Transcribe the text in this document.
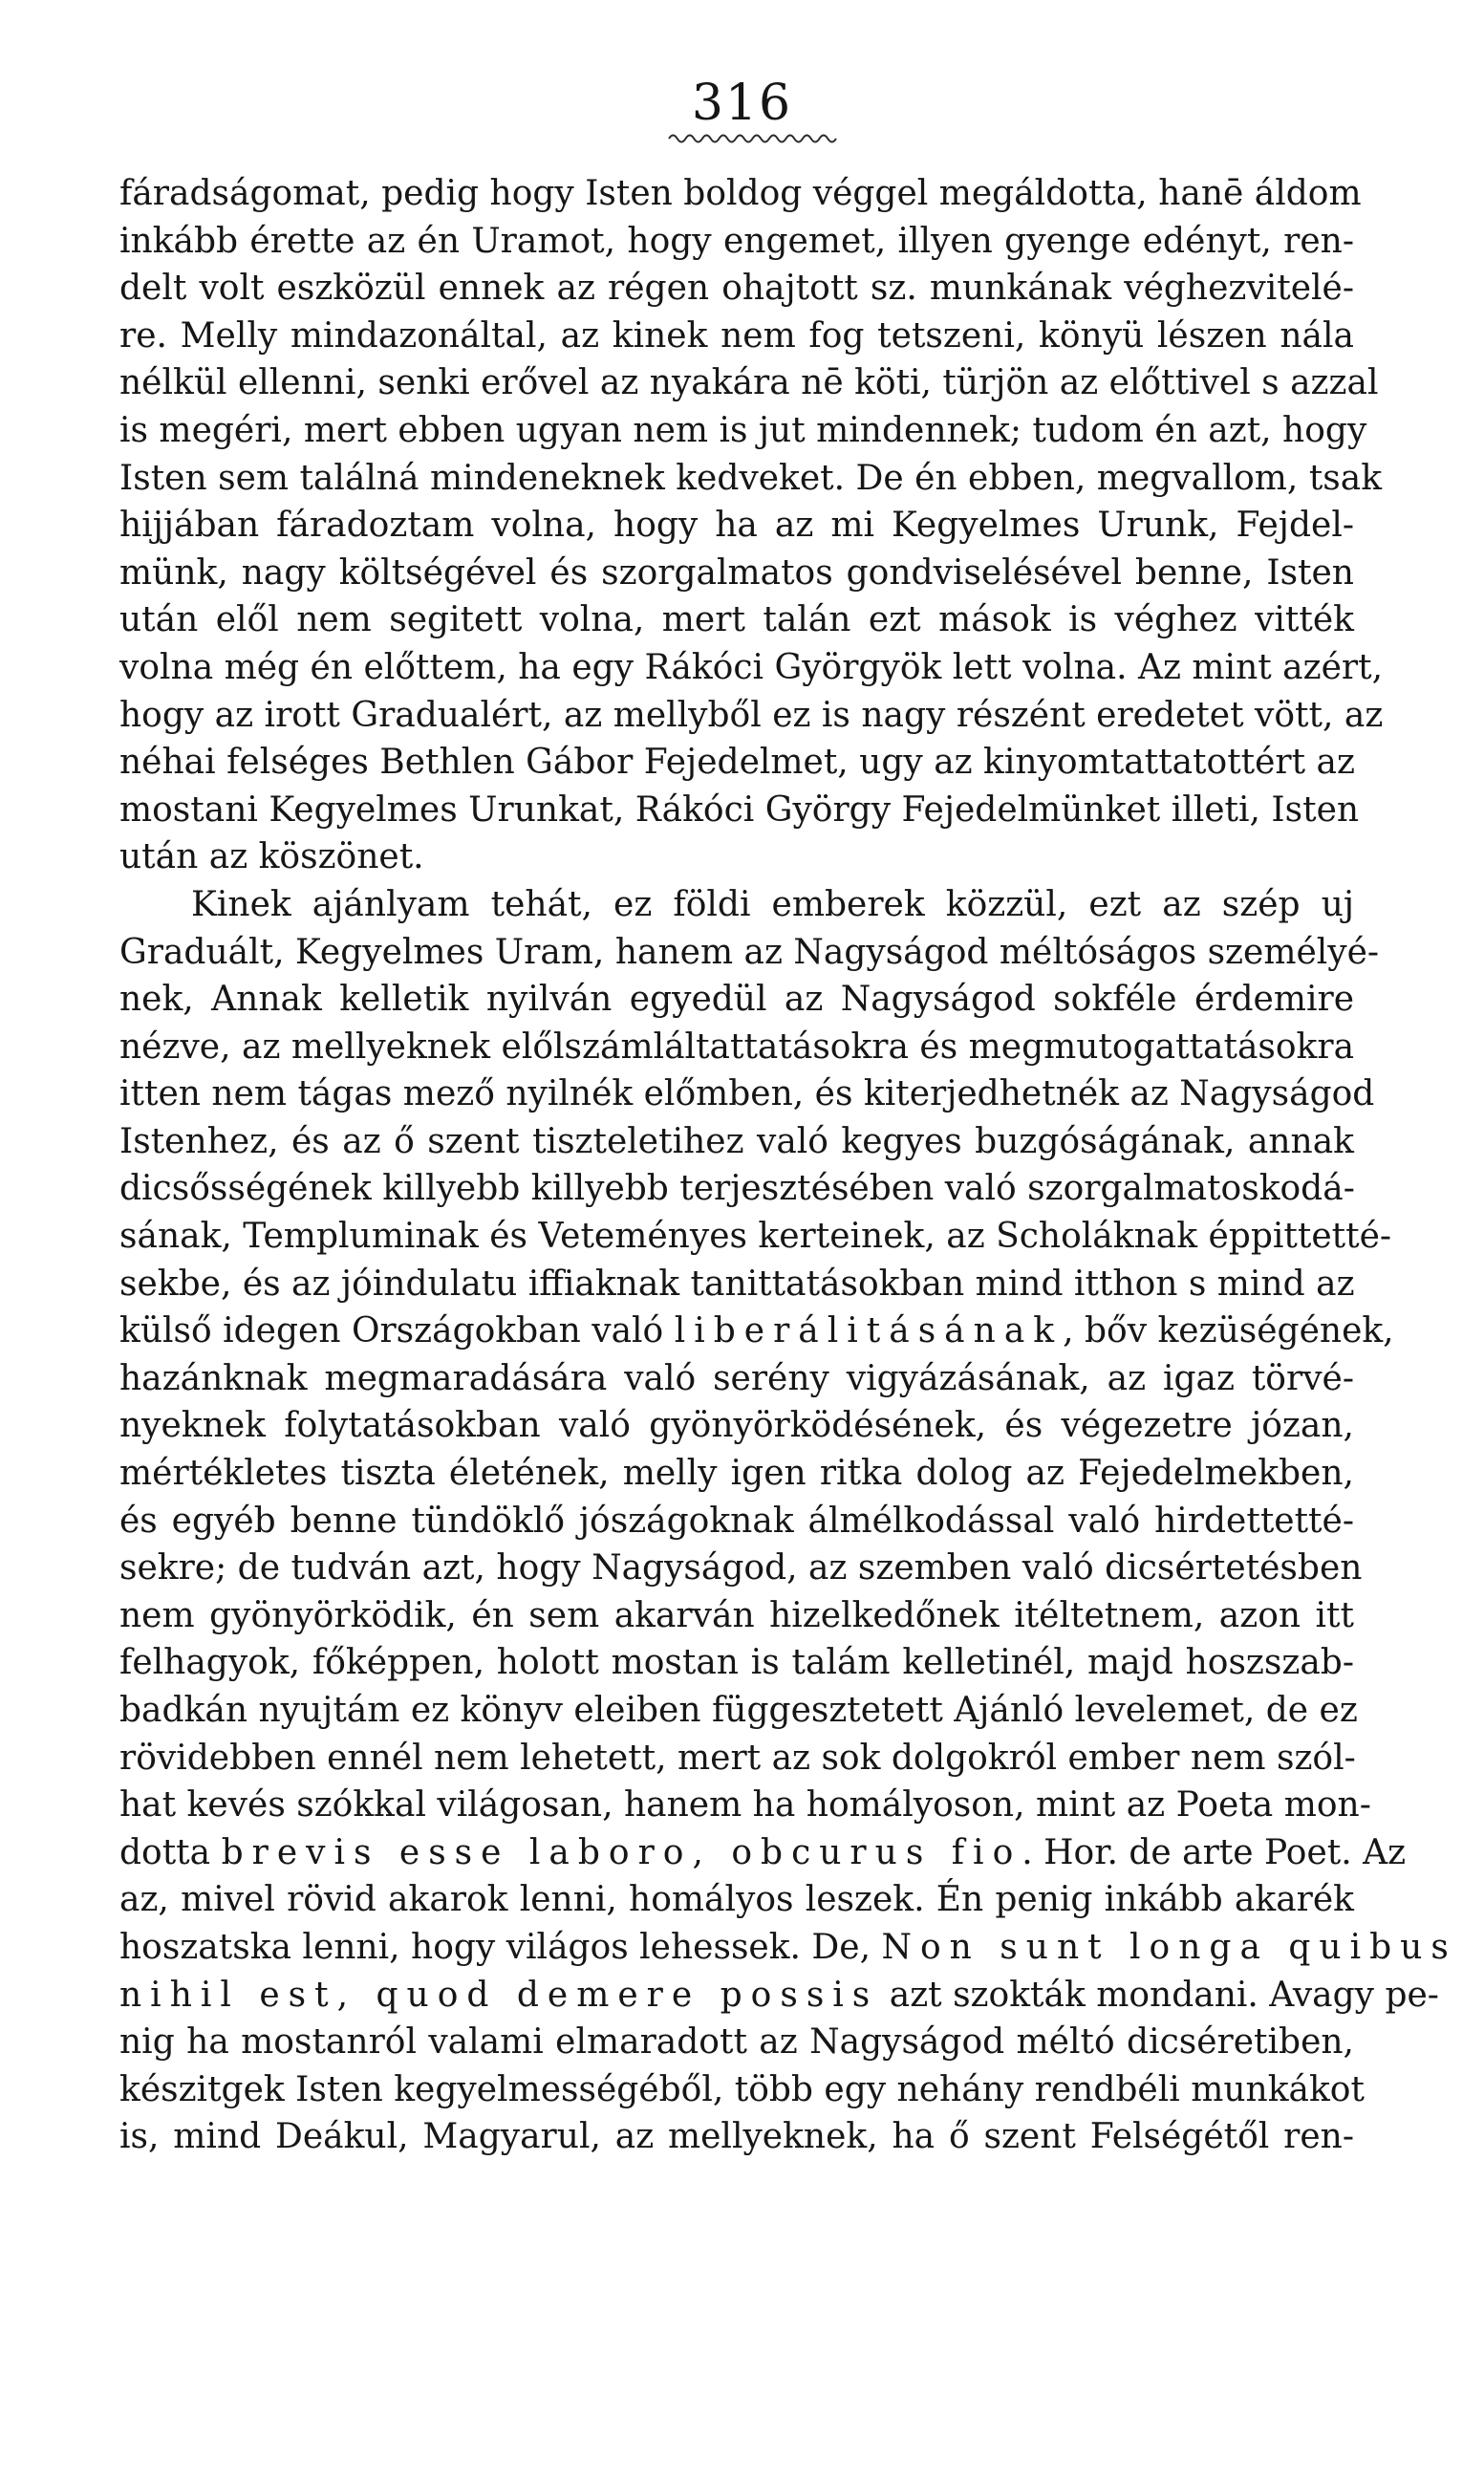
316
fáradságomat, pedig hogy Isten boldog véggel megáldotta, hanē áldom
inkább érette az én Uramot, hogy engemet, illyen gyenge edényt, ren-
delt volt eszközül ennek az régen ohajtott sz. munkának véghezvitelé-
re. Melly mindazonáltal, az kinek nem fog tetszeni, könyü lészen nála
nélkül ellenni, senki erővel az nyakára nē köti, türjön az előttivel s azzal
is megéri, mert ebben ugyan nem is jut mindennek; tudom én azt, hogy
Isten sem találná mindeneknek kedveket. De én ebben, megvallom, tsak
hijjában fáradoztam volna, hogy ha az mi Kegyelmes Urunk, Fejdel-
münk, nagy költségével és szorgalmatos gondviselésével benne, Isten
után elől nem segitett volna, mert talán ezt mások is véghez vitték
volna még én előttem, ha egy Rákóci Györgyök lett volna. Az mint azért,
hogy az irott Gradualért, az mellyből ez is nagy részént eredetet vött, az
néhai felséges Bethlen Gábor Fejedelmet, ugy az kinyomtattatottért az
mostani Kegyelmes Urunkat, Rákóci György Fejedelmünket illeti, Isten
után az köszönet.
Kinek ajánlyam tehát, ez földi emberek közzül, ezt az szép uj
Graduált, Kegyelmes Uram, hanem az Nagyságod méltóságos személyé-
nek, Annak kelletik nyilván egyedül az Nagyságod sokféle érdemire
nézve, az mellyeknek előlszámláltattatásokra és megmutogattatásokra
itten nem tágas mező nyilnék előmben, és kiterjedhetnék az Nagyságod
Istenhez, és az ő szent tiszteletihez való kegyes buzgóságának, annak
dicsősségének killyebb killyebb terjesztésében való szorgalmatoskodá-
sának, Templuminak és Veteményes kerteinek, az Scholáknak éppittetté-
sekbe, és az jóindulatu iffiaknak tanittatásokban mind itthon s mind az
külső idegen Országokban való liberálitásának, bőv kezüségének,
hazánknak megmaradására való serény vigyázásának, az igaz törvé-
nyeknek folytatásokban való gyönyörködésének, és végezetre józan,
mértékletes tiszta életének, melly igen ritka dolog az Fejedelmekben,
és egyéb benne tündöklő jószágoknak álmélkodással való hirdettetté-
sekre; de tudván azt, hogy Nagyságod, az szemben való dicsértetésben
nem gyönyörködik, én sem akarván hizelkedőnek itéltetnem, azon itt
felhagyok, főképpen, holott mostan is talám kelletinél, majd hoszszab-
badkán nyujtám ez könyv eleiben függesztetett Ajánló levelemet, de ez
rövidebben ennél nem lehetett, mert az sok dolgokról ember nem szól-
hat kevés szókkal világosan, hanem ha homályoson, mint az Poeta mon-
dotta brevis esse laboro, obcurus fio. Hor. de arte Poet. Az
az, mivel rövid akarok lenni, homályos leszek. Én penig inkább akarék
hoszatska lenni, hogy világos lehessek. De, Non sunt longa quibus
nihil est, quod demere possis azt szokták mondani. Avagy pe-
nig ha mostanról valami elmaradott az Nagyságod méltó dicséretiben,
készitgek Isten kegyelmességéből, több egy nehány rendbéli munkákot
is, mind Deákul, Magyarul, az mellyeknek, ha ő szent Felségétől ren-
